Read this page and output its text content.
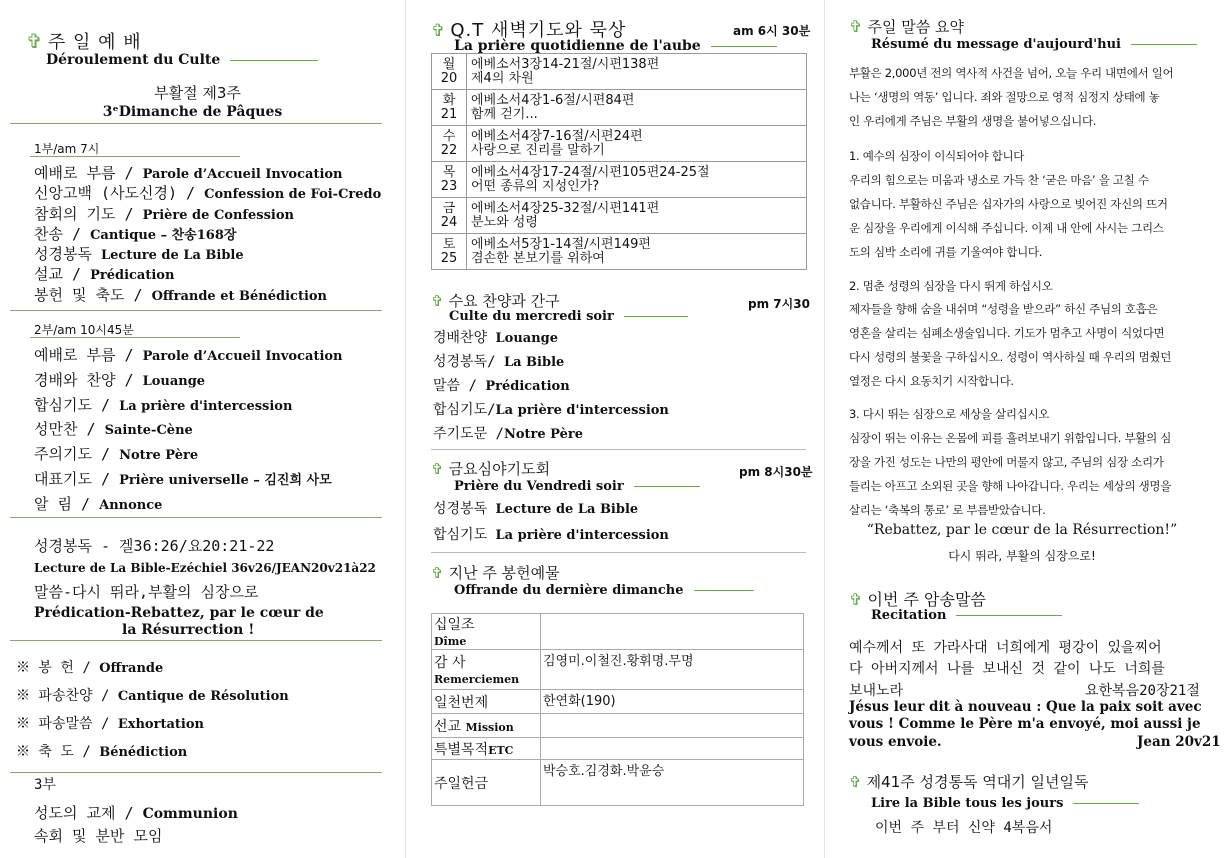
✞ 주 일 예 배
Déroulement du Culte
부활절 제3주
3ᵉDimanche de Pâques
1부/am 7시
예배로 부름 / Parole d’Accueil Invocation
신앙고백 (사도신경) / Confession de Foi-Credo
참회의 기도 / Prière de Confession
찬송 / Cantique – 찬송168장
성경봉독 Lecture de La Bible
설교 / Prédication
봉헌 및 축도 / Offrande et Bénédiction
2부/am 10시45분
예배로 부름 / Parole d’Accueil Invocation
경배와 찬양 / Louange
합심기도 / La prière d'intercession
성만찬 / Sainte-Cène
주의기도 / Notre Père
대표기도 / Prière universelle – 김진희 사모
알 림 / Annonce
성경봉독 - 겔36:26/요20:21-22
Lecture de La Bible-Ezéchiel 36v26/JEAN20v21à22
말씀-다시 뛰라,부활의 심장으로
Prédication-Rebattez, par le cœur de
la Résurrection !
※ 봉 헌 / Offrande
※ 파송찬양 / Cantique de Résolution
※ 파송말씀 / Exhortation
※ 축 도 / Bénédiction
3부
성도의 교제 / Communion
속회 및 분반 모임
✞ Q.T 새벽기도와 묵상	am 6시 30분
La prière quotidienne de l'aube
월20	에베소서3장14-21절/시편138편
제4의 차원

화21	에베소서4장1-6절/시편84편
함께 걷기...

수22	에베소서4장7-16절/시편24편
사랑으로 진리를 말하기

목23	에베소서4장17-24절/시편105편24-25절
어떤 종류의 지성인가?

금24	에베소서4장25-32절/시편141편
분노와 성령

토25	에베소서5장1-14절/시편149편
겸손한 본보기를 위하여
✞ 수요 찬양과 간구	pm 7시30
Culte du mercredi soir
경배찬양 Louange
성경봉독/ La Bible
말씀 / Prédication
합심기도/La prière d'intercession
주기도문 /Notre Père
✞ 금요심야기도회	pm 8시30분
Prière du Vendredi soir
성경봉독 Lecture de La Bible
합심기도 La prière d'intercession
✞ 지난 주 봉헌예물
Offrande du dernière dimanche
십일조
Dîme	
감 사
Remerciemen	김영미.이철진.황휘명.무명
일천번제	한연화(190)
선교 Mission	
특별목적ETC	
주일헌금	박승호.김경화.박윤승
✞ 주일 말씀 요약
Résumé du message d'aujourd'hui
부활은 2,000년 전의 역사적 사건을 넘어, 오늘 우리 내면에서 일어
나는 ‘생명의 역동’ 입니다. 죄와 절망으로 영적 심정지 상태에 놓
인 우리에게 주님은 부활의 생명을 불어넣으십니다.
1. 예수의 심장이 이식되어야 합니다
우리의 힘으로는 미움과 냉소로 가득 찬 ‘굳은 마음’ 을 고칠 수
없습니다. 부활하신 주님은 십자가의 사랑으로 빚어진 자신의 뜨거
운 심장을 우리에게 이식해 주십니다. 이제 내 안에 사시는 그리스
도의 심박 소리에 귀를 기울여야 합니다.
2. 멈춘 성령의 심장을 다시 뛰게 하십시오
제자들을 향해 숨을 내쉬며 “성령을 받으라” 하신 주님의 호흡은
영혼을 살리는 심폐소생술입니다. 기도가 멈추고 사명이 식었다면
다시 성령의 불꽃을 구하십시오. 성령이 역사하실 때 우리의 멈췄던
열정은 다시 요동치기 시작합니다.
3. 다시 뛰는 심장으로 세상을 살리십시오
심장이 뛰는 이유는 온몸에 피를 흘려보내기 위함입니다. 부활의 심
장을 가진 성도는 나만의 평안에 머물지 않고, 주님의 심장 소리가
들리는 아프고 소외된 곳을 향해 나아갑니다. 우리는 세상의 생명을
살리는 ‘축복의 통로’ 로 부름받았습니다.
“Rebattez, par le cœur de la Résurrection!”
다시 뛰라, 부활의 심장으로!
✞ 이번 주 암송말씀
Recitation
예수께서 또 가라사대 너희에게 평강이 있을찌어
다 아버지께서 나를 보내신 것 같이 나도 너희를
보내노라	요한복음20장21절
Jésus leur dit à nouveau : Que la paix soit avec
vous ! Comme le Père m'a envoyé, moi aussi je
vous envoie.	Jean 20v21
✞ 제41주 성경통독 역대기 일년일독
Lire la Bible tous les jours
이번 주 부터 신약 4복음서
